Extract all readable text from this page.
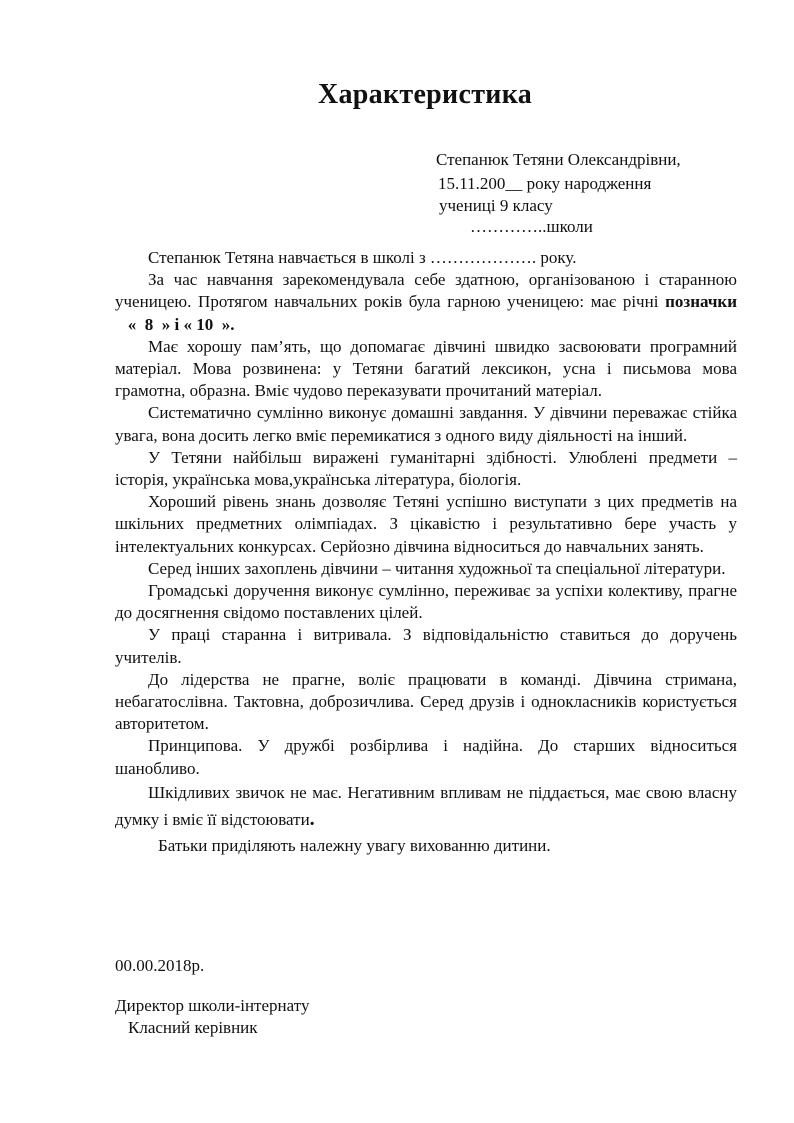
Характеристика
Степанюк Тетяни Олександрівни,
15.11.200__ року народження
учениці 9 класу
…………..школи

Степанюк Тетяна навчається в школі з ………………. року.

За час навчання зарекомендувала себе здатною, організованою і старанною ученицею. Протягом навчальних років була гарною ученицею: має річні позначки   «  8  » і « 10  ».

Має хорошу пам’ять, що допомагає дівчині швидко засвоювати програмний матеріал. Мова розвинена: у Тетяни багатий лексикон, усна і письмова мова грамотна, образна. Вміє чудово переказувати прочитаний матеріал.

Систематично сумлінно виконує домашні завдання. У дівчини переважає стійка увага, вона досить легко вміє перемикатися з одного виду діяльності на інший.

У Тетяни найбільш виражені гуманітарні здібності. Улюблені предмети – історія, українська мова,українська література, біологія.

Хороший рівень знань дозволяє Тетяні успішно виступати з цих предметів на шкільних предметних олімпіадах. З цікавістю і результативно бере участь у інтелектуальних конкурсах. Серйозно дівчина відноситься до навчальних занять.

Серед інших захоплень дівчини – читання художньої та спеціальної літератури.

Громадські доручення виконує сумлінно, переживає за успіхи колективу, прагне до досягнення свідомо поставлених цілей.

У праці старанна і витривала. З відповідальністю ставиться до доручень учителів.

До лідерства не прагне, воліє працювати в команді. Дівчина стримана, небагатослівна. Тактовна, доброзичлива. Серед друзів і однокласників користується авторитетом.

Принципова. У дружбі розбірлива і надійна. До старших відноситься шанобливо.

Шкідливих звичок не має. Негативним впливам не піддається, має свою власну думку і вміє її відстоювати.

Батьки приділяють належну увагу вихованню дитини.

00.00.2018р.
Директор школи-інтернату
Класний керівник
